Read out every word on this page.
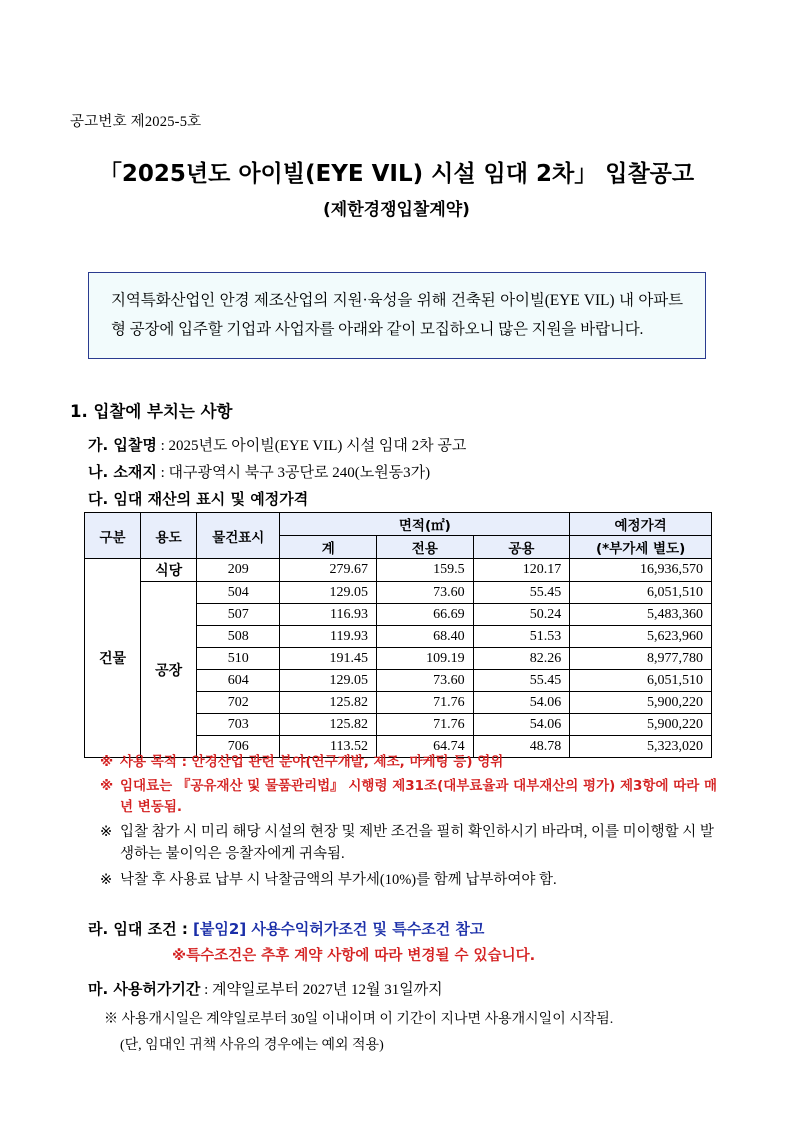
공고번호 제2025-5호
「2025년도 아이빌(EYE VIL) 시설 임대 2차」 입찰공고
(제한경쟁입찰계약)
지역특화산업인 안경 제조산업의 지원·육성을 위해 건축된 아이빌(EYE VIL) 내 아파트형 공장에 입주할 기업과 사업자를 아래와 같이 모집하오니 많은 지원을 바랍니다.
1. 입찰에 부치는 사항
가. 입찰명 : 2025년도 아이빌(EYE VIL) 시설 임대 2차 공고
나. 소재지 : 대구광역시 북구 3공단로 240(노원동3가)
다. 임대 재산의 표시 및 예정가격
구분	용도	물건표시	면적(㎡)			예정가격
			계	전용	공용	(*부가세 별도)
건물	식당	209	279.67	159.5	120.17	16,936,570
	공장	504	129.05	73.60	55.45	6,051,510
		507	116.93	66.69	50.24	5,483,360
		508	119.93	68.40	51.53	5,623,960
		510	191.45	109.19	82.26	8,977,780
		604	129.05	73.60	55.45	6,051,510
		702	125.82	71.76	54.06	5,900,220
		703	125.82	71.76	54.06	5,900,220
		706	113.52	64.74	48.78	5,323,020
※ 사용 목적 : 안경산업 관련 분야(연구개발, 제조, 마케팅 등) 영위
※ 임대료는 『공유재산 및 물품관리법』 시행령 제31조(대부료율과 대부재산의 평가) 제3항에 따라 매년 변동됨.
※ 입찰 참가 시 미리 해당 시설의 현장 및 제반 조건을 필히 확인하시기 바라며, 이를 미이행할 시 발생하는 불이익은 응찰자에게 귀속됨.
※ 낙찰 후 사용료 납부 시 낙찰금액의 부가세(10%)를 함께 납부하여야 함.
라. 임대 조건 : [붙임2] 사용수익허가조건 및 특수조건 참고
※특수조건은 추후 계약 사항에 따라 변경될 수 있습니다.
마. 사용허가기간 : 계약일로부터 2027년 12월 31일까지
※ 사용개시일은 계약일로부터 30일 이내이며 이 기간이 지나면 사용개시일이 시작됨.
(단, 임대인 귀책 사유의 경우에는 예외 적용)
